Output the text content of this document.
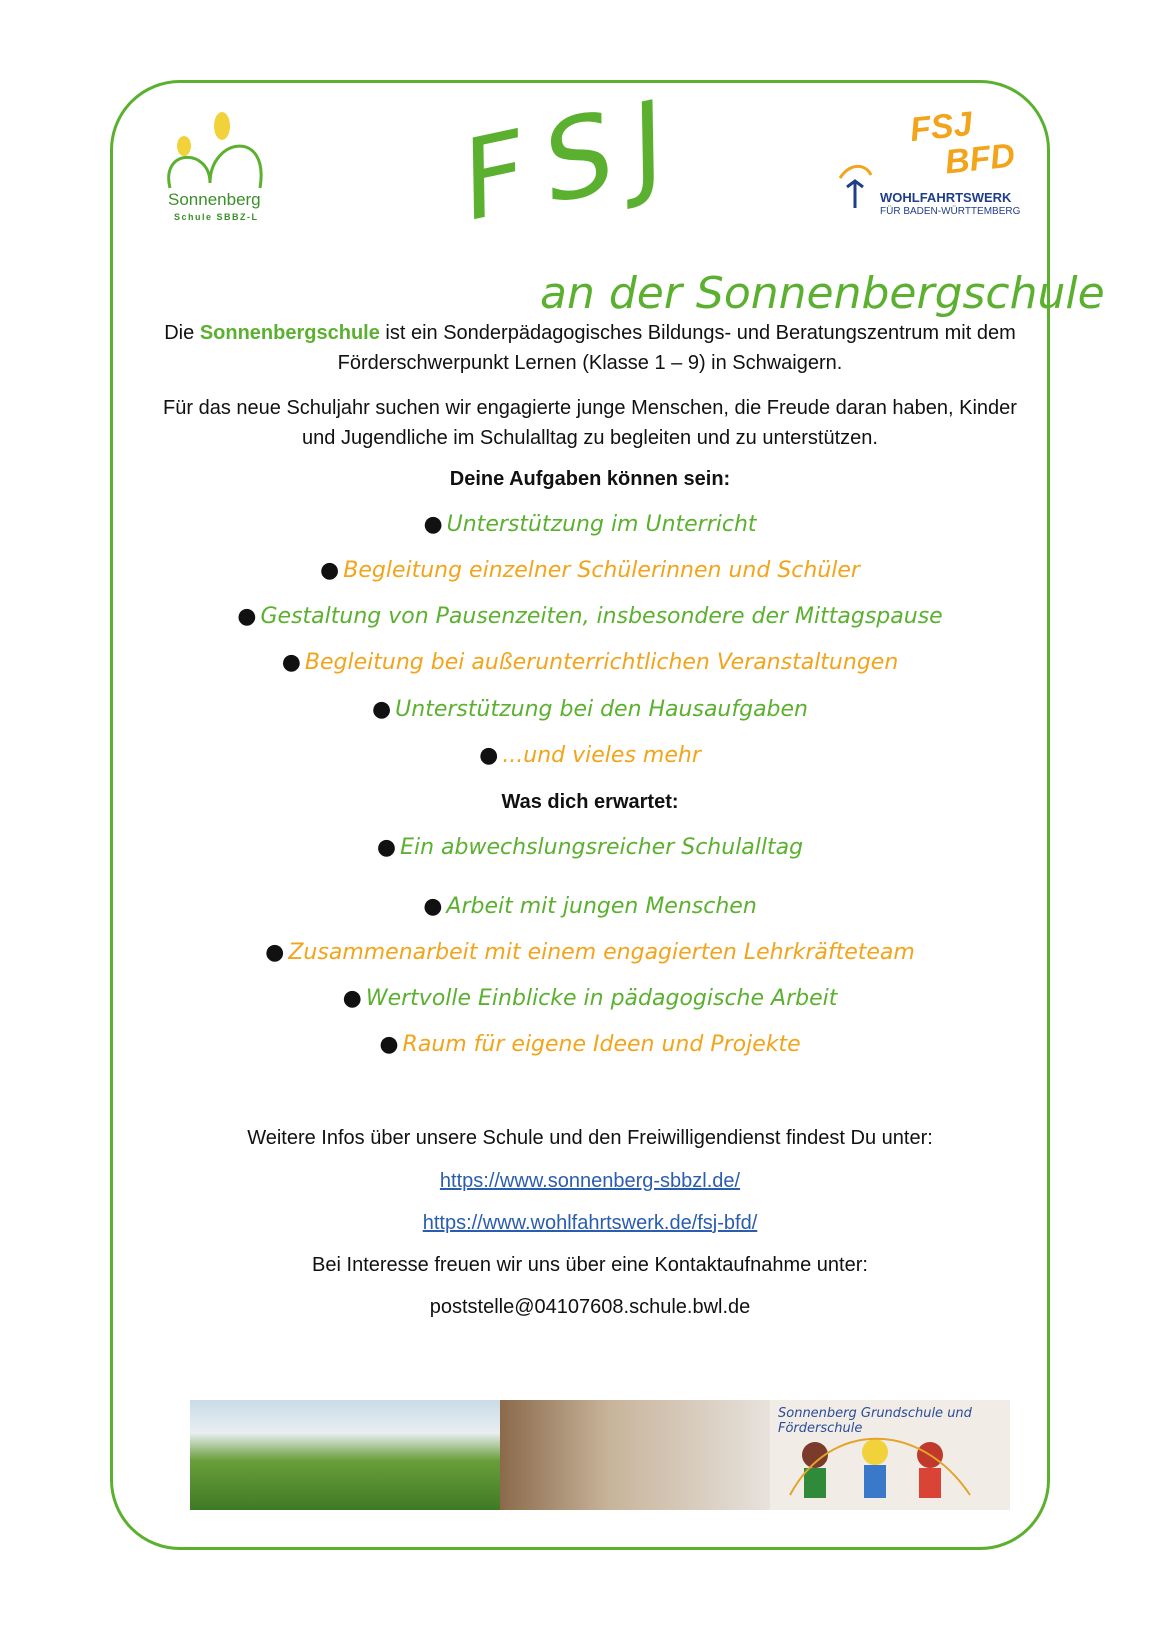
Sonnenberg
Schule SBBZ-L FSJ	FSJ
BFD
WOHLFAHRTSWERK
FÜR BADEN-WÜRTTEMBERG
an der Sonnenbergschule
Die Sonnenbergschule ist ein Sonderpädagogisches Bildungs- und Beratungszentrum mit dem Förderschwerpunkt Lernen (Klasse 1 – 9) in Schwaigern.
Für das neue Schuljahr suchen wir engagierte junge Menschen, die Freude daran haben, Kinder und Jugendliche im Schulalltag zu begleiten und zu unterstützen.
Deine Aufgaben können sein:
● Unterstützung im Unterricht
● Begleitung einzelner Schülerinnen und Schüler
● Gestaltung von Pausenzeiten, insbesondere der Mittagspause
● Begleitung bei außerunterrichtlichen Veranstaltungen
● Unterstützung bei den Hausaufgaben
● ...und vieles mehr
Was dich erwartet:
● Ein abwechslungsreicher Schulalltag
● Arbeit mit jungen Menschen
● Zusammenarbeit mit einem engagierten Lehrkräfteteam
● Wertvolle Einblicke in pädagogische Arbeit
● Raum für eigene Ideen und Projekte
Weitere Infos über unsere Schule und den Freiwilligendienst findest Du unter:
https://www.sonnenberg-sbbzl.de/
https://www.wohlfahrtswerk.de/fsj-bfd/
Bei Interesse freuen wir uns über eine Kontaktaufnahme unter:
poststelle@04107608.schule.bwl.de
Sonnenberg Grundschule und Förderschule
